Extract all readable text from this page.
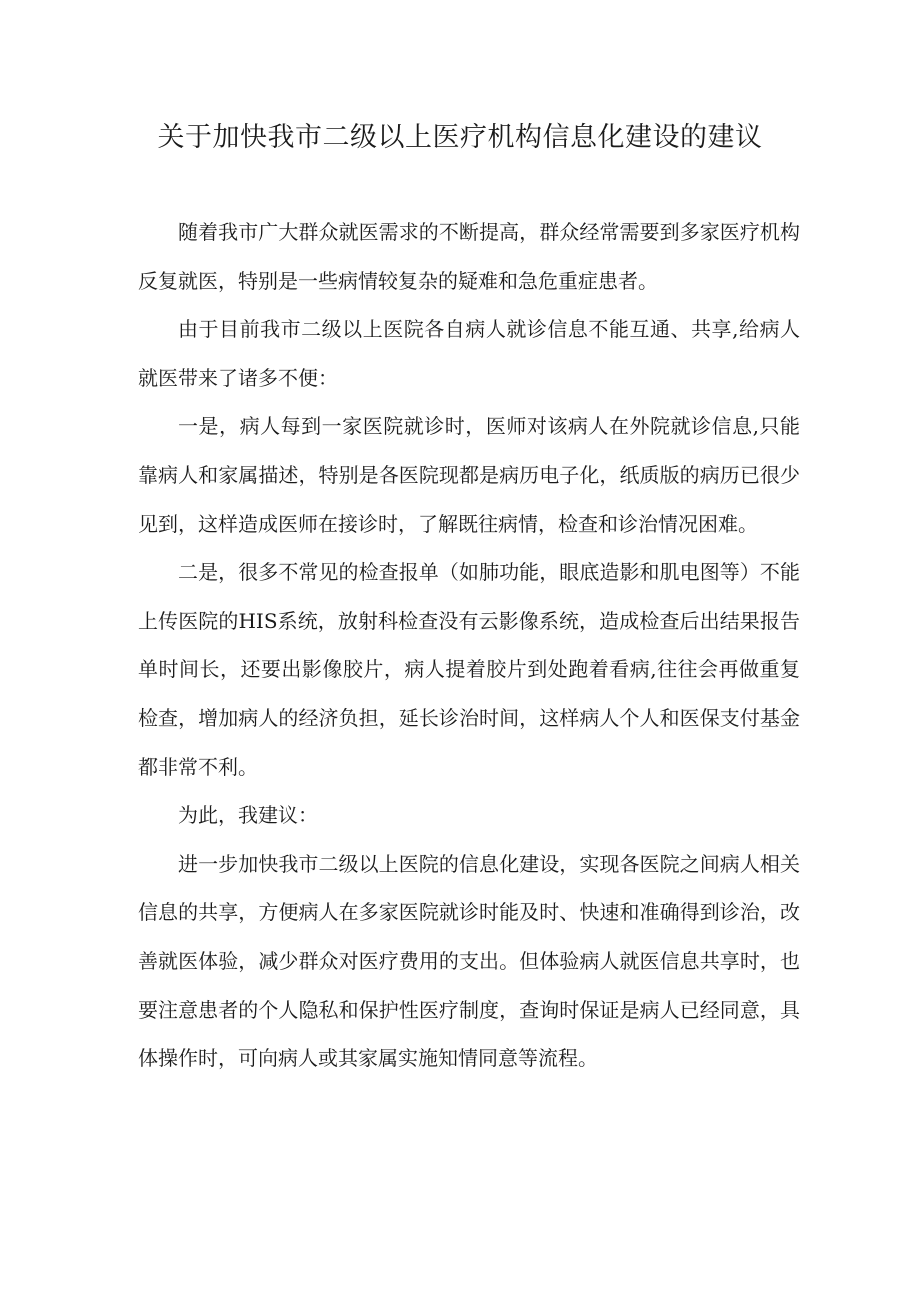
关于加快我市二级以上医疗机构信息化建设的建议

随着我市广大群众就医需求的不断提高，群众经常需要到多家医疗机构反复就医，特别是一些病情较复杂的疑难和急危重症患者。

由于目前我市二级以上医院各自病人就诊信息不能互通、共享,给病人就医带来了诸多不便：

一是，病人每到一家医院就诊时，医师对该病人在外院就诊信息,只能靠病人和家属描述，特别是各医院现都是病历电子化，纸质版的病历已很少见到，这样造成医师在接诊时，了解既往病情，检查和诊治情况困难。

二是，很多不常见的检查报单（如肺功能，眼底造影和肌电图等）不能上传医院的HIS系统，放射科检查没有云影像系统，造成检查后出结果报告单时间长，还要出影像胶片，病人提着胶片到处跑着看病,往往会再做重复检查，增加病人的经济负担，延长诊治时间，这样病人个人和医保支付基金都非常不利。

为此，我建议：

进一步加快我市二级以上医院的信息化建设，实现各医院之间病人相关信息的共享，方便病人在多家医院就诊时能及时、快速和准确得到诊治，改善就医体验，减少群众对医疗费用的支出。但体验病人就医信息共享时，也要注意患者的个人隐私和保护性医疗制度，查询时保证是病人已经同意，具体操作时，可向病人或其家属实施知情同意等流程。
